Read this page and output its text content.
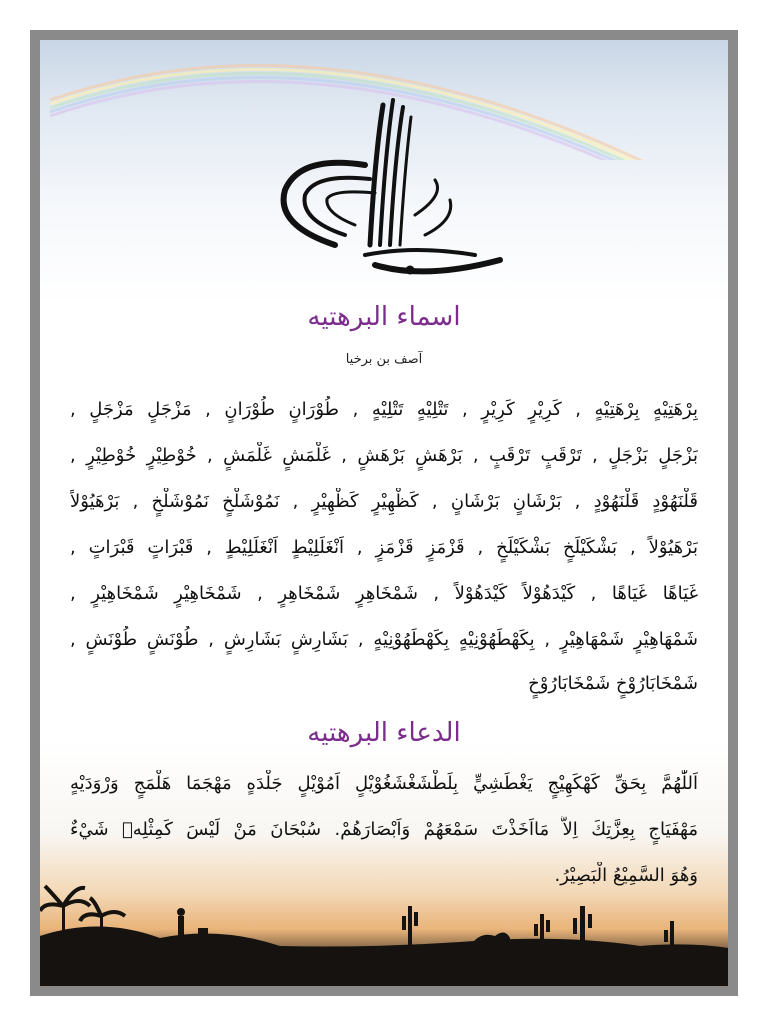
اسماء البرهتیه
آصف بن برخیا
بِرْهَتِيْهٍ بِرْهَتِيْهٍ , كَرِيْرٍ كَرِيْرٍ , تَتْلِيْهٍ تَتْلِيْهٍ , طُوْرَانٍ طُوْرَانٍ , مَزْجَلٍ مَزْجَلٍ ,
بَزْجَلٍ بَزْجَلٍ , تَرْقَبٍ تَرْقَبٍ , بَرْهَشٍ بَرْهَشٍ , غَلْمَشٍ غَلْمَشٍ , خُوْطِيْرٍ خُوْطِيْرٍ ,
قَلْنَهُوْدٍ قَلْنَهُوْدٍ , بَرْشَانٍ بَرْشَانٍ , كَظْهِيْرٍ كَظْهِيْرٍ , نَمُوْشَلْخٍ نَمُوْشَلْخٍ , بَرْهَيُوْلاً
بَرْهَيُوْلاً , بَشْكَيْلَخٍ بَشْكَيْلَخٍ , قَزْمَزٍ قَزْمَزٍ , اَنْغَلَلِيْطٍ اَنْغَلَلِيْطٍ , قَبْرَاتٍ قَبْرَاتٍ ,
غَيَاهًا غَيَاهًا , كَيْدَهُوْلاً كَيْدَهُوْلاً , شَمْخَاهِرٍ شَمْخَاهِرٍ , شَمْخَاهِيْرٍ شَمْخَاهِيْرٍ ,
شَمْهَاهِيْرٍ شَمْهَاهِيْرٍ , بِكَهْطَهُوْنِيْهٍ بِكَهْطَهُوْنِيْهٍ , بَشَارِشٍ بَشَارِشٍ , طُوْنَشٍ طُوْنَشٍ ,
شَمْخَابَارُوْخٍ شَمْخَابَارُوْخٍ
الدعاء البرهتیه
اَللّٰهُمَّ بِحَقِّ كَهْكَهِيْجٍ يَغْطَشِيٍّ بِلَطْشَغْشَغُوْيْلٍ اَمُوْيْلٍ جَلْدَهٍ مَهْجَمَا هَلْمَجٍ وَرْوَدَيْهٍ
مَهْفَيَاجٍ بِعِزَّتِكَ اِلاَّ مَااَخَذْتَ سَمْعَهُمْ وَاَبْصَارَهُمْ. سُبْحَانَ مَنْ لَيْسَ كَمِثْلِهٖ شَيْءٌ
وَهُوَ السَّمِيْعُ الْبَصِيْرُ.
